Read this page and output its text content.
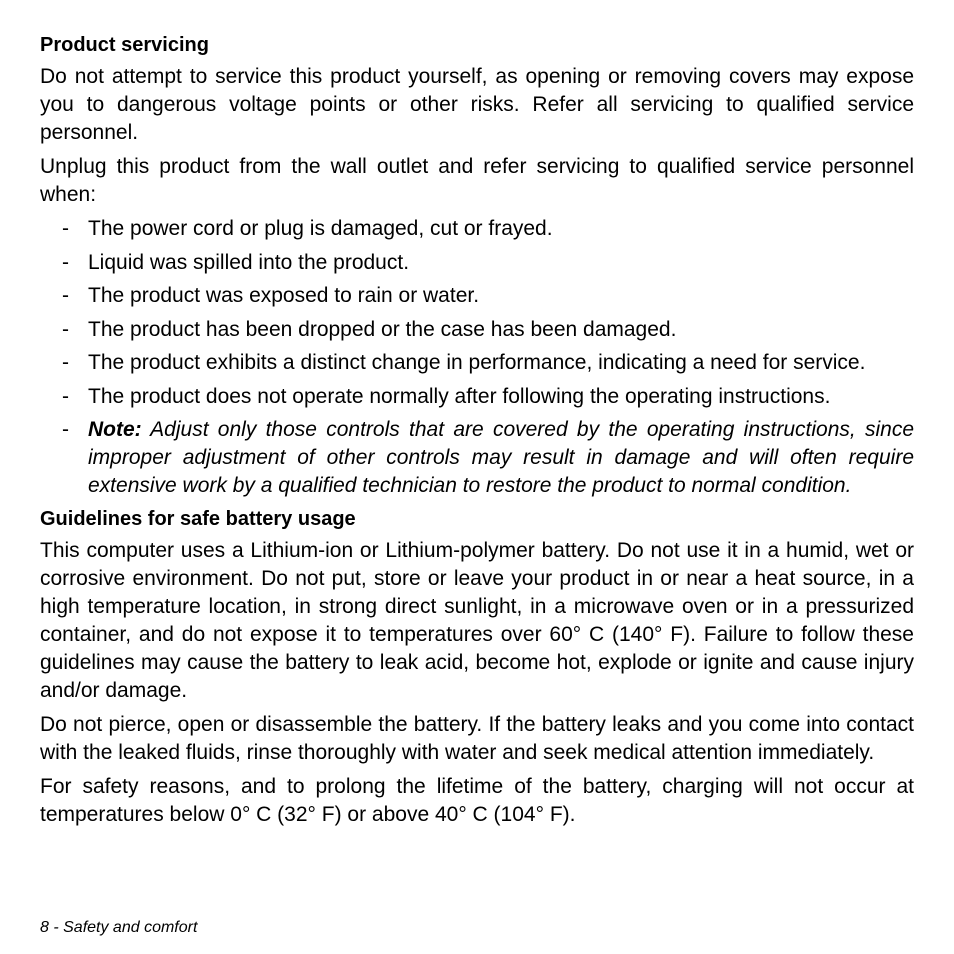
Product servicing

Do not attempt to service this product yourself, as opening or removing covers may expose you to dangerous voltage points or other risks. Refer all servicing to qualified service personnel.

Unplug this product from the wall outlet and refer servicing to qualified service personnel when:

- The power cord or plug is damaged, cut or frayed.
- Liquid was spilled into the product.
- The product was exposed to rain or water.
- The product has been dropped or the case has been damaged.
- The product exhibits a distinct change in performance, indicating a need for service.
- The product does not operate normally after following the operating instructions.
- Note: Adjust only those controls that are covered by the operating instructions, since improper adjustment of other controls may result in damage and will often require extensive work by a qualified technician to restore the product to normal condition.
Guidelines for safe battery usage

This computer uses a Lithium-ion or Lithium-polymer battery. Do not use it in a humid, wet or corrosive environment. Do not put, store or leave your product in or near a heat source, in a high temperature location, in strong direct sunlight, in a microwave oven or in a pressurized container, and do not expose it to temperatures over 60° C (140° F). Failure to follow these guidelines may cause the battery to leak acid, become hot, explode or ignite and cause injury and/or damage.

Do not pierce, open or disassemble the battery. If the battery leaks and you come into contact with the leaked fluids, rinse thoroughly with water and seek medical attention immediately.

For safety reasons, and to prolong the lifetime of the battery, charging will not occur at temperatures below 0° C (32° F) or above 40° C (104° F).

8 - Safety and comfort
